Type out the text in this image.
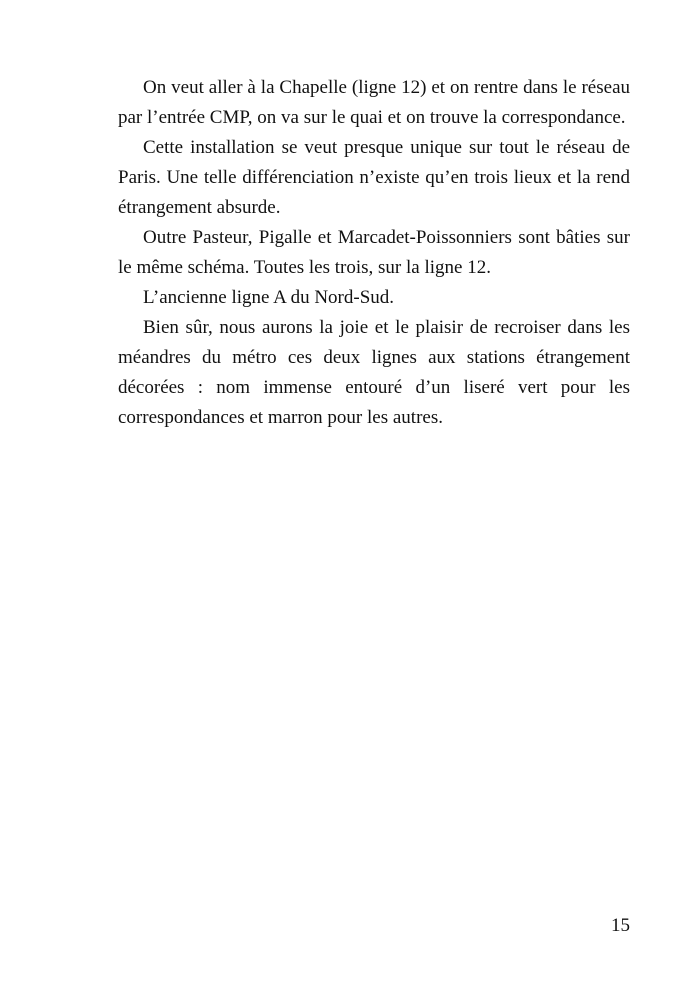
On veut aller à la Chapelle (ligne 12) et on rentre dans le réseau par l’entrée CMP, on va sur le quai et on trouve la correspondance.

Cette installation se veut presque unique sur tout le réseau de Paris. Une telle différenciation n’existe qu’en trois lieux et la rend étrangement absurde.

Outre Pasteur, Pigalle et Marcadet-Poissonniers sont bâties sur le même schéma. Toutes les trois, sur la ligne 12.

L’ancienne ligne A du Nord-Sud.

Bien sûr, nous aurons la joie et le plaisir de recroiser dans les méandres du métro ces deux lignes aux stations étrangement décorées : nom immense entouré d’un liseré vert pour les correspondances et marron pour les autres.

15
